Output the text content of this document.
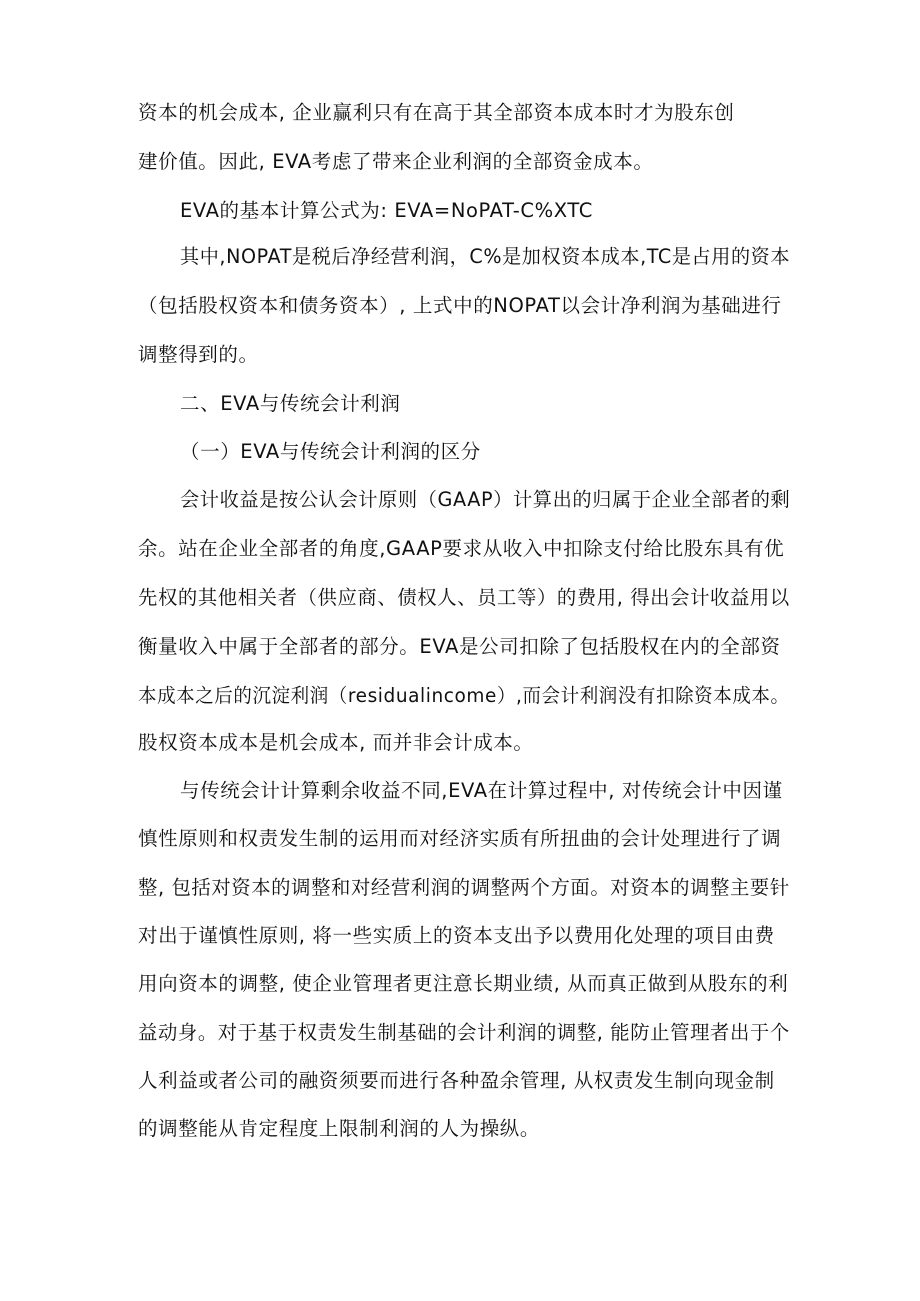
资本的机会成本, 企业赢利只有在高于其全部资本成本时才为股东创
建价值。因此, EVA考虑了带来企业利润的全部资金成本。
EVA的基本计算公式为: EVA=NoPAT-C%XTC
其中,NOPAT是税后净经营利润，C%是加权资本成本,TC是占用的资本
（包括股权资本和债务资本）, 上式中的NOPAT以会计净利润为基础进行
调整得到的。
二、EVA与传统会计利润
（一）EVA与传统会计利润的区分
会计收益是按公认会计原则（GAAP）计算出的归属于企业全部者的剩
余。站在企业全部者的角度,GAAP要求从收入中扣除支付给比股东具有优
先权的其他相关者（供应商、债权人、员工等）的费用, 得出会计收益用以
衡量收入中属于全部者的部分。EVA是公司扣除了包括股权在内的全部资
本成本之后的沉淀利润（residualincome）,而会计利润没有扣除资本成本。
股权资本成本是机会成本, 而并非会计成本。
与传统会计计算剩余收益不同,EVA在计算过程中, 对传统会计中因谨
慎性原则和权责发生制的运用而对经济实质有所扭曲的会计处理进行了调
整, 包括对资本的调整和对经营利润的调整两个方面。对资本的调整主要针
对出于谨慎性原则, 将一些实质上的资本支出予以费用化处理的项目由费
用向资本的调整, 使企业管理者更注意长期业绩, 从而真正做到从股东的利
益动身。对于基于权责发生制基础的会计利润的调整, 能防止管理者出于个
人利益或者公司的融资须要而进行各种盈余管理, 从权责发生制向现金制
的调整能从肯定程度上限制利润的人为操纵。
